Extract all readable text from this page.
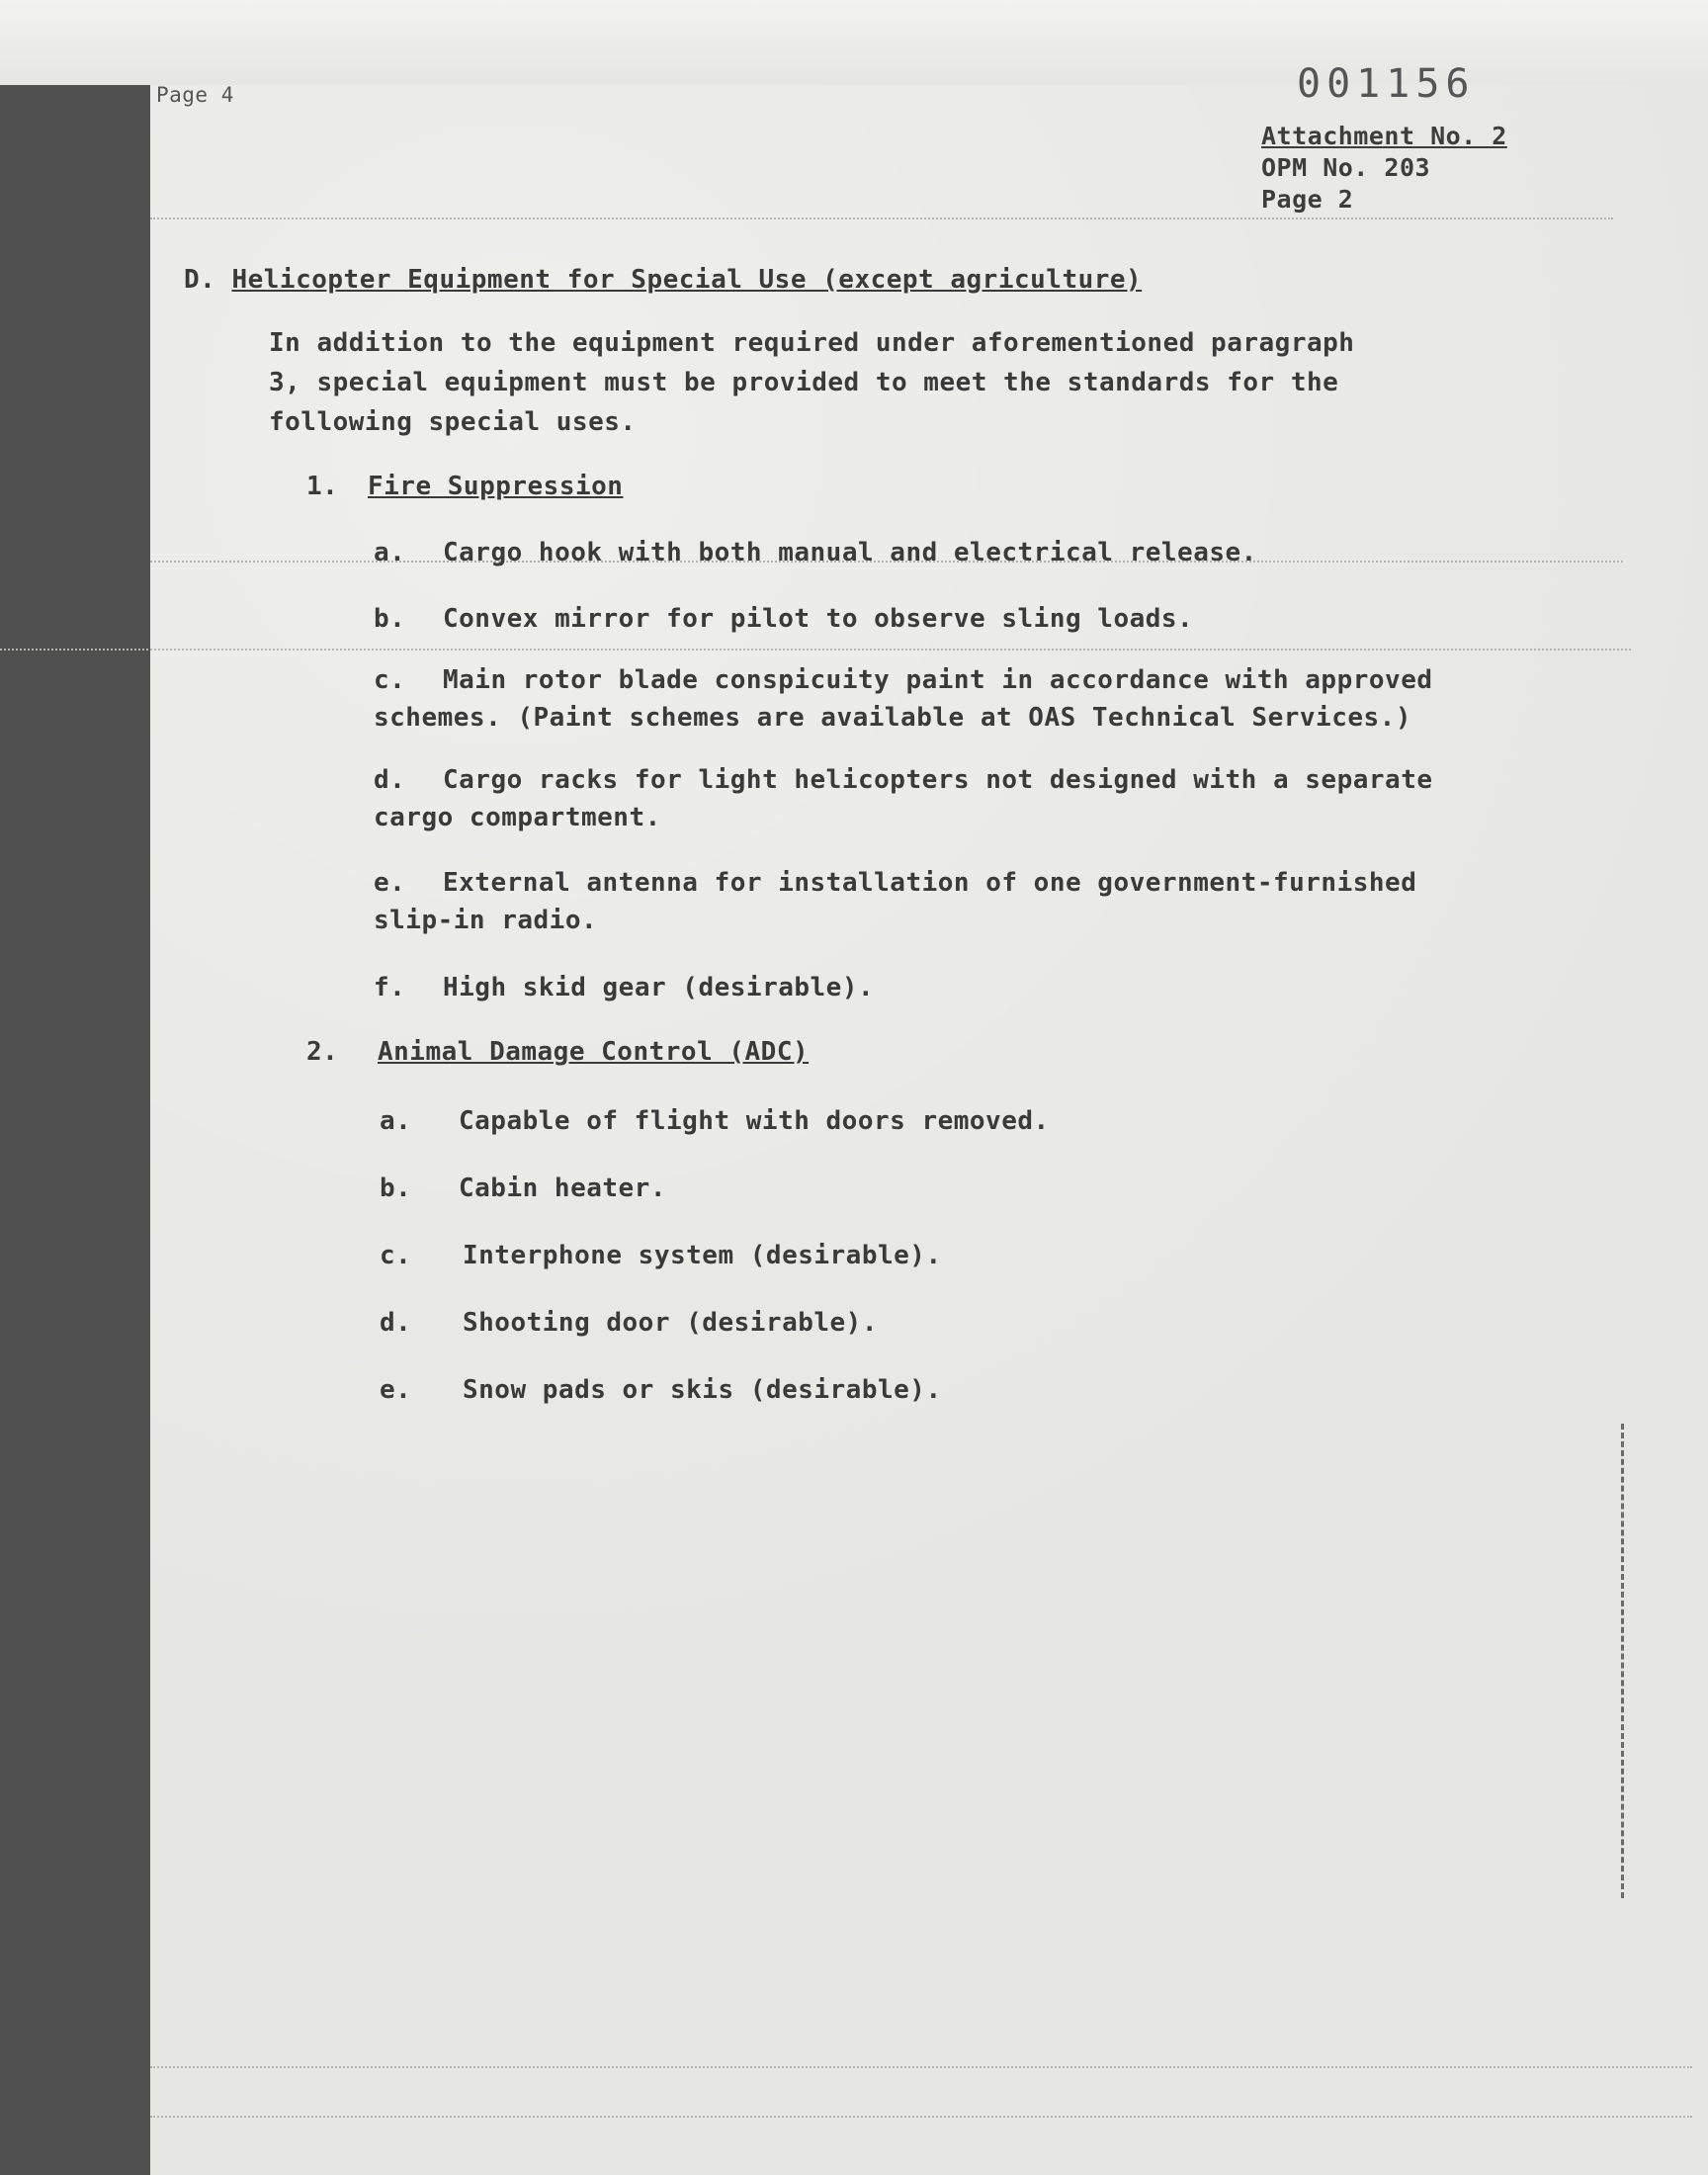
Page 4	001156
Attachment No. 2
OPM No. 203
Page 2
D. Helicopter Equipment for Special Use (except agriculture)
In addition to the equipment required under aforementioned paragraph
3, special equipment must be provided to meet the standards for the
following special uses.
1. Fire Suppression
a. Cargo hook with both manual and electrical release.
b. Convex mirror for pilot to observe sling loads.
c. Main rotor blade conspicuity paint in accordance with approved
schemes. (Paint schemes are available at OAS Technical Services.)
d. Cargo racks for light helicopters not designed with a separate
cargo compartment.
e. External antenna for installation of one government-furnished
slip-in radio.
f. High skid gear (desirable).
2. Animal Damage Control (ADC)
a. Capable of flight with doors removed.
b. Cabin heater.
c. Interphone system (desirable).
d. Shooting door (desirable).
e. Snow pads or skis (desirable).
